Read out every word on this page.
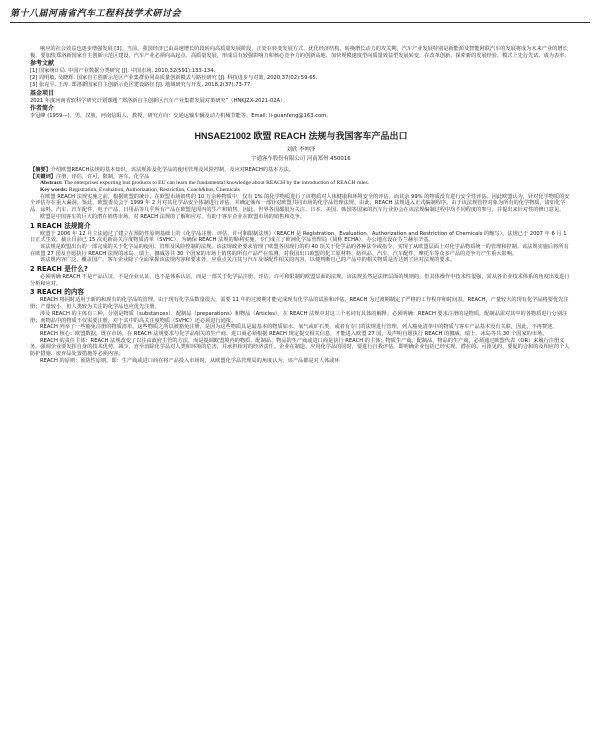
第十八届河南省汽车工程科技学术研讨会

响应的社会效益也逐步增强发展 [3]。当前，我国经济已由高速增长阶段转向高质量发展阶段，正处在转变发展方式、优化经济结构、转换增长动力的攻关期。汽车产业发展特别是新能源及智能网联汽车的发展将成为未来产业的增长极，要加快郑洛新国家自主创新示范区建设，汽车产业必须向高起点、高质量发展，形成具有较强影响力和核心竞争力的创新高地，加快规模速度型向质量效益型发展转变，在改革创新、探索新的发展经验、模式上先行先试、成为表率。

参考文献

[1] 国家统计局. 中国产业数据分类研究 [J]. 中国市场, 2010,32(591):133-134.

[2] 周明敏, 吴晓辉. 国家自主创新示范区产业集群协同高质量创新模式与路径研究 [J]. 科技进步与对策, 2020,37(02):59-65.

[3] 张克平, 王涛. 郑洛新国家自主创新示范区建设路径 [J]. 地域研究与开发, 2018,2(37):73-77.

基金项目

2021 年度河南省软科学研究计划课题 “郑洛新自主创新区汽车产业集群发展对策研究”（HNKJZX-2021-02A）。

作者简介

李冠峰 (1959—)，男，汉族，河南信阳人，教授，研究方向：交通运输车辆及动力机械节能等。Email: li-guanfeng@163.com。

HNSAE21002 欧盟 REACH 法规与我国客车产品出口

刘欣 李坤泽

宇通客车股份有限公司 河南郑州 450016

【摘要】介绍欧盟REACH法规的基本知识，该法规涉及化学品的使用管理及风险控制，及应对REACH的基本方法。

【关键词】注册，评估，许可，限制，客车，化学品

Abstract: The enterprises exporting bus products to EU can learn the fundamental knowledge about REACH by the introduction of REACH rules.

Key words: Registration, Evaluation, Authorization, Restriction, Coach&bus, Chemicals

在欧盟 REACH 法规实施之前，根据欧盟的统计，在欧盟市场销售的 10 万余种物质中，仅有 1% 的化学物质进行了该物质对人体健康和环境安全的评估，而其余 99% 的物质没有进行安全性评估。因此欧盟认为，针对化学物质的安全评估存在重大漏洞。鉴此，欧盟委员会于 1999 年 2 月对其化学品安全体制进行评估，并确定颁布一部针对欧盟共同市场的化学品管理法规。由此，REACH 法规进入正式编制程序。由于该法规管控对象为所有的化学物质，诸如化学品、涂料、汽车、汽车配件、电子产品、日用品等几乎所有产品在欧盟范围内的生产和销售。因此，世界各国都很为关注。日本、美国、韩国等国家的汽车行业协会在该法规编制过程中均不同程度的参与，并提出来针对性的修订意见。

欧盟是中国客车的巨大的潜在销售市场，对 REACH 法规的了解和应对，有助于客车企业在欧盟市场的销售和竞争。

1 REACH 法规简介

欧盟于 2006 年 12 月立法通过了建立在预防性原则基础上的《化学品注册、评估、许可和限制法规》（REACH 是 Registration、Evaluation、Authorization and Restriction of Chemicals 的缩写），法规已于 2007 年 6 月 1 日正式生效，截止目前已 15 次更新高关注度物质清单（SVHC），为确保 REACH 法规的顺利实施，专门成立了欧洲化学品管理局（简称 ECHA），办公地点设在芬兰赫尔辛基。

该法规是欧盟出台的一部完成的关于化学品的使用、管理及风险控制的法规。该法规政企要求管理了欧盟各国现行的约 40 项关于化学品的各种法令或指令，实现了从欧盟层面上对化学品物质统一的管理和控制。该法规实施后将所有在欧盟 27 国及自愿执行 REACH 法规的冰岛、瑞士、挪威等共 30 个国家的市场上销售的所有产品严在监测。对我国出口欧盟的化工原材料、纺织品、汽车、汽车配件、摩托车等众多产品的竞争力产生重大影响。

该法规内容广泛，覆盖国广。客车企业除了全面掌握该法规内容和要求外，应重点关注其与汽车及零配件相关的内容，以便判断自己的产品中的相关物质是否达到了应对法规的要求。

2 REACH 是什么?

必须明确 REACH 不是产品认证，不是企业认证，也不是体系认证，而是一部关于化学品注册、评估、许可和限制的欧盟层面的法规。该法规虽然是法律层面的规则的，但其体操作中技术性很强，需从各企业技术体系的角度出发进行分析和应对。

3 REACH 的内容

REACH 将同时适用于新的和现有的化学品的管理。由于现有化学品数量很大，需要 11 年的过渡期才能完成现有化学品的试验和评估。REACH 为过渡期制定了严格的工作程序和时间表。REACH，产量较大的现有化学品将要优先注册；产量较小、但人类较为关注的化学品也应优先注册。

涉及 REACH 的主体有三种，分别是物质（substances）、配制品（preparations）和物品（Articles）。在 REACH 法规中对这三个名词有具体的解释。必须明确：REACH 要求注册的是物质。配制品需对其中的各物质进行分别注册；而物品中的物质不仅需要注册，对于其中的高关注度物质（SVHC）还必须进行通报。

REACH 列举了一些豁免注册的物质清单。这些物质之所以被豁免注册，是因为这些物质具是最基本的物质如水、氧气或矿石类，或者有专门的法规进行管理。列入豁免清单中的物质与客车产品基本没有关联，因此，不再赘述。

REACH 核心：欧盟数据，既在市场，在 REACH 法规要求与化学品相关的生产商、进口商必须根据 REACH 规定提交相关信息，才能进入欧盟 27 国，及声明自愿执行 REACH 的挪威、瑞士、冰岛等共 30 个国家的市场。

REACH 的责任主体：REACH 法规改变了以往由政府主管的方法，而是提调欧盟境内的物质、配制品、物品的生产商或进口商是执行 REACH 的主体；物质生产商、配制品、物品的生产商，必须通过欧盟代表（OR）来履行注册义务。强调企业要发挥自身的技术优势，减少、直至消除化学品对人类和环境的危害，并承担相对的经济责任。企业在制造、应用化学品的同时，要进行自我评估，即明确企业包括已经实现、潜在的、可预见的、要促的合和的及相应的个人防护措施、废弃品处置措施等必须内容。

REACH 的原则：预防性原则。即：生产商或进口商在将产品投入市场时，从欧盟化学品管理局的角度认为，该产品都是对人体或环
